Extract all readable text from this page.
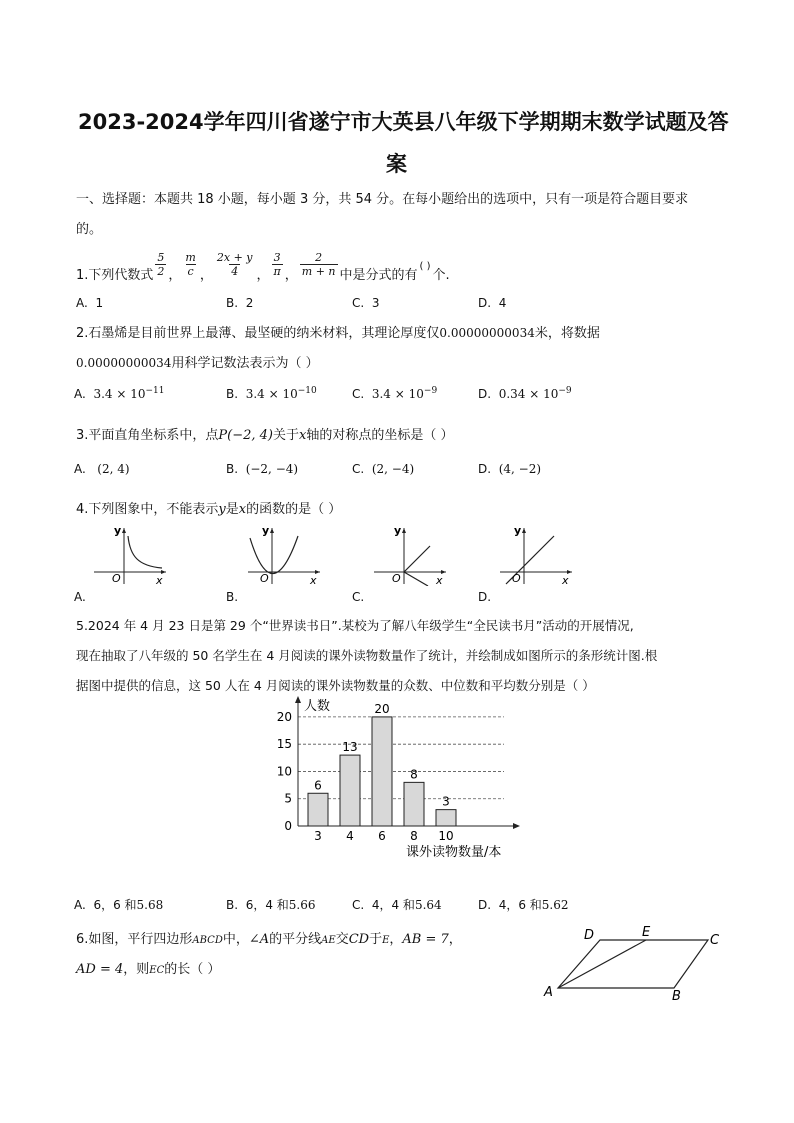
2023-2024学年四川省遂宁市大英县八年级下学期期末数学试题及答
案
一、选择题：本题共 18 小题，每小题 3 分，共 54 分。在每小题给出的选项中，只有一项是符合题目要求
的。
1.下列代数式 $\frac{5}{2}$ ， $\frac{m}{c}$ ， $\frac{2x + y}{4}$ ， $\frac{3}{\pi}$ ， $\frac{2}{m + n}$ 中是分式的有
( )
个.
A. 1	B. 2	C. 3	D. 4
2.石墨烯是目前世界上最薄、最坚硬的纳米材料，其理论厚度仅0.00000000034米，将数据
0.00000000034用科学记数法表示为（ ）
A. $3.4 \times 10^{-11}$	B. $3.4 \times 10^{-10}$	C. $3.4 \times 10^{-9}$	D. $0.34 \times 10^{-9}$
3.平面直角坐标系中，点P(−2, 4)关于x轴的对称点的坐标是（ ）
A. (2, 4)	B. (−2, −4)	C. (2, −4)	D. (4, −2)
4.下列图象中，不能表示y是x的函数的是（ ）
y
x
O
y
x
O
y
x
O
y
x
O
A.	B.	C.	D.
5.2024 年 4 月 23 日是第 29 个“世界读书日”.某校为了解八年级学生“全民读书月”活动的开展情况,
现在抽取了八年级的 50 名学生在 4 月阅读的课外读物数量作了统计，并绘制成如图所示的条形统计图.根
据图中提供的信息，这 50 人在 4 月阅读的课外读物数量的众数、中位数和平均数分别是（ ）
6
13
20
8
3
0
5
10
15
20
3 4 6 8 10
人数
课外读物数量/本
A. 6，6 和5.68	B. 6，4 和5.66	C. 4，4 和5.64	D. 4，6 和5.62
6.如图，平行四边形ABCD中，∠A的平分线AE交CD于E，AB = 7，
AD = 4，则EC的长（ ）
D	E
C
A	B
